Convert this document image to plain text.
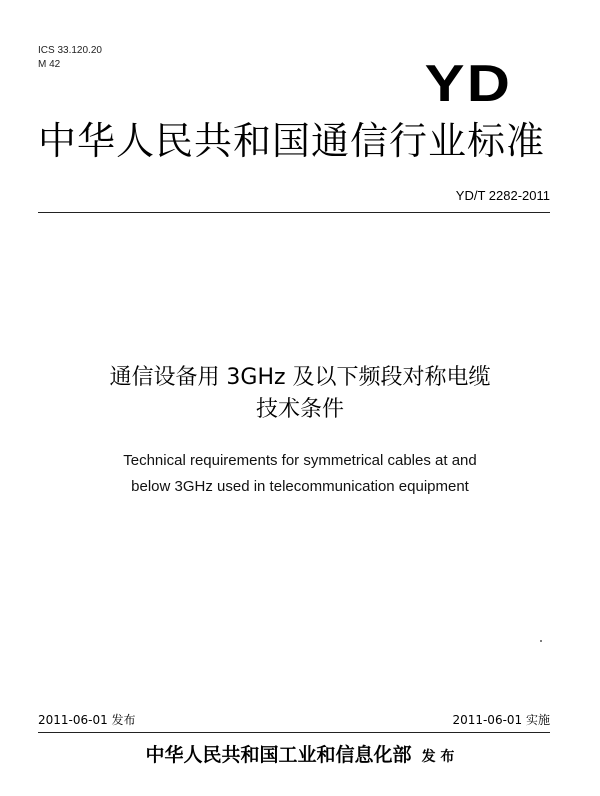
ICS 33.120.20
M 42	YD
中华人民共和国通信行业标准
YD/T 2282-2011
通信设备用 3GHz 及以下频段对称电缆
技术条件
Technical requirements for symmetrical cables at and
below 3GHz used in telecommunication equipment
2011-06-01 发布	2011-06-01 实施
中华人民共和国工业和信息化部 发 布
